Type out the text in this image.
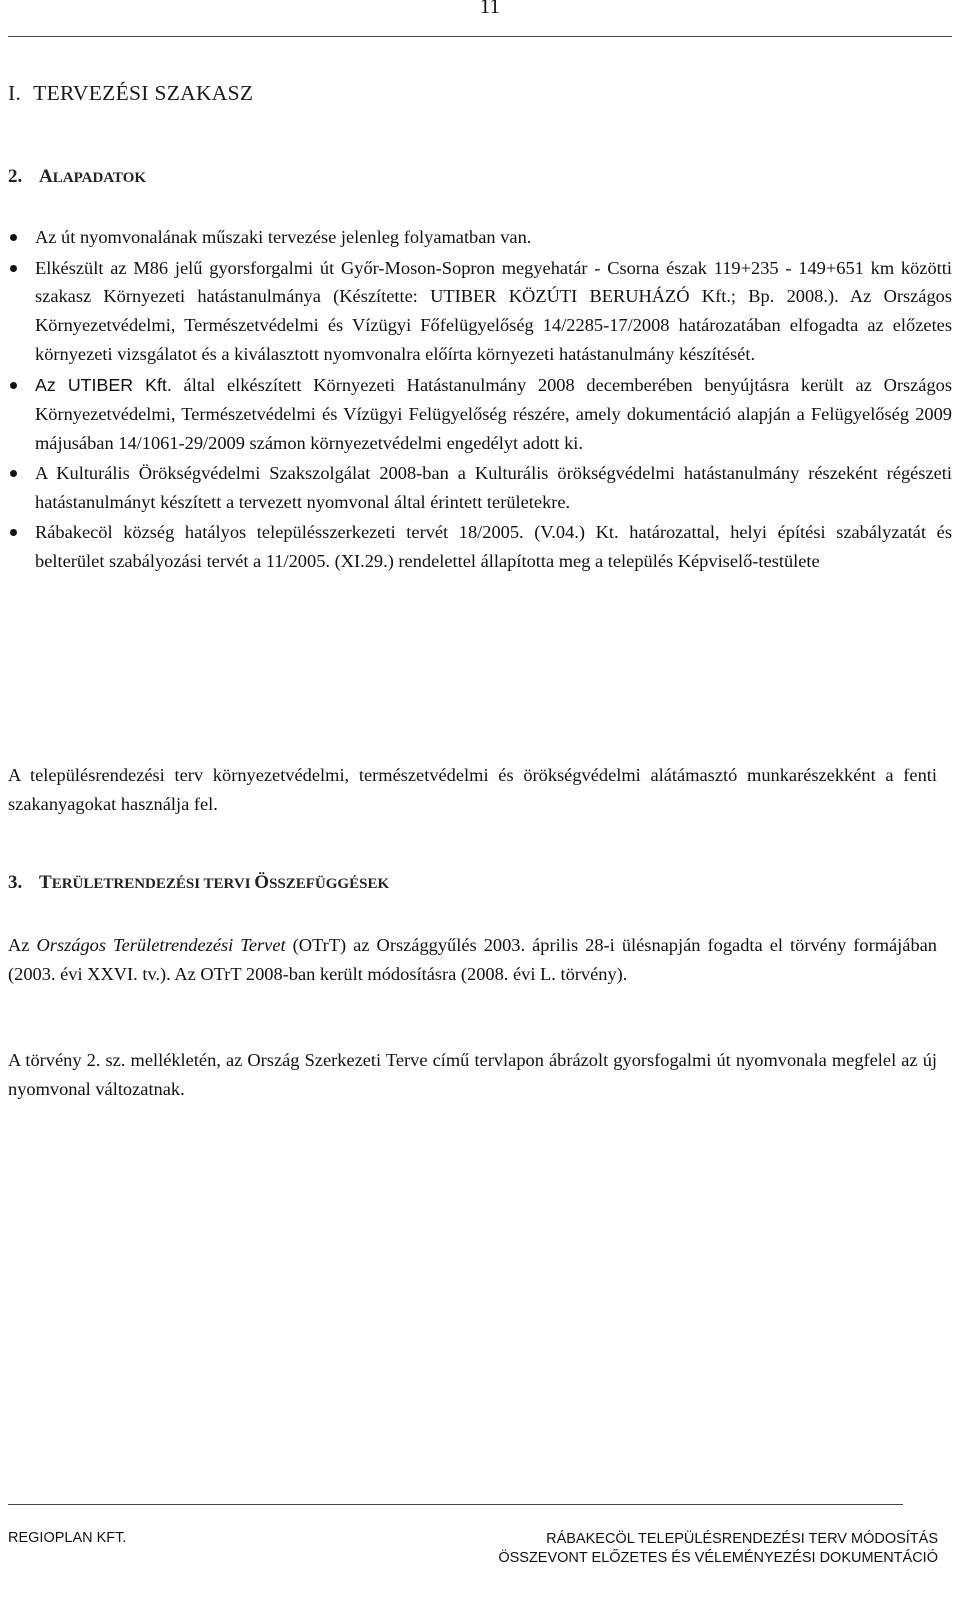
11
I. TERVEZÉSI SZAKASZ
2. ALAPADATOK
Az út nyomvonalának műszaki tervezése jelenleg folyamatban van.
Elkészült az M86 jelű gyorsforgalmi út Győr-Moson-Sopron megyehatár - Csorna észak 119+235 - 149+651 km közötti szakasz Környezeti hatástanulmánya (Készítette: UTIBER KÖZÚTI BERUHÁZÓ Kft.; Bp. 2008.). Az Országos Környezetvédelmi, Természetvédelmi és Vízügyi Főfelügyelőség 14/2285-17/2008 határozatában elfogadta az előzetes környezeti vizsgálatot és a kiválasztott nyomvonalra előírta környezeti hatástanulmány készítését.
Az UTIBER Kft. által elkészített Környezeti Hatástanulmány 2008 decemberében benyújtásra került az Országos Környezetvédelmi, Természetvédelmi és Vízügyi Felügyelőség részére, amely dokumentáció alapján a Felügyelőség 2009 májusában 14/1061-29/2009 számon környezetvédelmi engedélyt adott ki.
A Kulturális Örökségvédelmi Szakszolgálat 2008-ban a Kulturális örökségvédelmi hatástanulmány részeként régészeti hatástanulmányt készített a tervezett nyomvonal által érintett területekre.
Rábakecöl község hatályos településszerkezeti tervét 18/2005. (V.04.) Kt. határozattal, helyi építési szabályzatát és belterület szabályozási tervét a 11/2005. (XI.29.) rendelettel állapította meg a település Képviselő-testülete
A településrendezési terv környezetvédelmi, természetvédelmi és örökségvédelmi alátámasztó munkarészekként a fenti szakanyagokat használja fel.
3. TERÜLETRENDEZÉSI TERVI ÖSSZEFÜGGÉSEK
Az Országos Területrendezési Tervet (OTrT) az Országgyűlés 2003. április 28-i ülésnapján fogadta el törvény formájában (2003. évi XXVI. tv.). Az OTrT 2008-ban került módosításra (2008. évi L. törvény).
A törvény 2. sz. mellékletén, az Ország Szerkezeti Terve című tervlapon ábrázolt gyorsfogalmi út nyomvonala megfelel az új nyomvonal változatnak.
REGIOPLAN KFT.	RÁBAKECÖL TELEPÜLÉSRENDEZÉSI TERV MÓDOSÍTÁS
ÖSSZEVONT ELŐZETES ÉS VÉLEMÉNYEZÉSI DOKUMENTÁCIÓ
